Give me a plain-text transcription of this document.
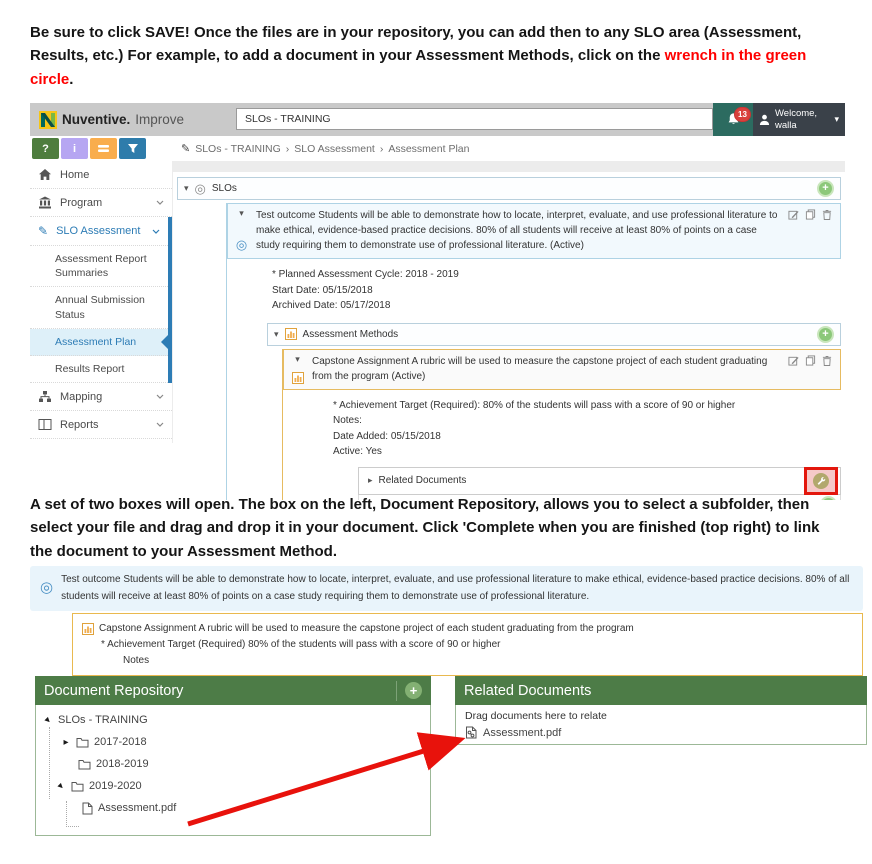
Be sure to click SAVE! Once the files are in your repository, you can add then to any SLO area (Assessment, Results, etc.) For example, to add a document in your Assessment Methods, click on the wrench in the green circle.

Nuventive. Improve	SLOs - TRAINING	13	Welcome,
walla
▾
?	i	✎ SLOs - TRAINING › SLO Assessment › Assessment Plan
Home
Program
✎ SLO Assessment
Assessment Report Summaries
Annual Submission Status
Assessment Plan
Results Report
Mapping
Reports
▾ ◎ SLOs	+
▾
◎
Test outcome Students will be able to demonstrate how to locate, interpret, evaluate, and use professional literature to make ethical, evidence-based practice decisions. 80% of all students will receive at least 80% of points on a case study requiring them to demonstrate use of professional literature. (Active)
* Planned Assessment Cycle: 2018 - 2019
Start Date: 05/15/2018
Archived Date: 05/17/2018
▾ Assessment Methods	+
▾ Capstone Assignment A rubric will be used to measure the capstone project of each student graduating from the program (Active)
* Achievement Target (Required): 80% of the students will pass with a score of 90 or higher
Notes:
Date Added: 05/15/2018
Active: Yes
▸ Related Documents

A set of two boxes will open. The box on the left, Document Repository, allows you to select a subfolder, then select your file and drag and drop it in your document. Click 'Complete when you are finished (top right) to link the document to your Assessment Method.

◎ Test outcome Students will be able to demonstrate how to locate, interpret, evaluate, and use professional literature to make ethical, evidence-based practice decisions. 80% of all students will receive at least 80% of points on a case study requiring them to demonstrate use of professional literature.
Capstone Assignment A rubric will be used to measure the capstone project of each student graduating from the program
* Achievement Target (Required) 80% of the students will pass with a score of 90 or higher
Notes
Document Repository	+
▾ SLOs - TRAINING
▸ 2017-2018
2018-2019
▾ 2019-2020
Assessment.pdf
Related Documents
Drag documents here to relate
Assessment.pdf
